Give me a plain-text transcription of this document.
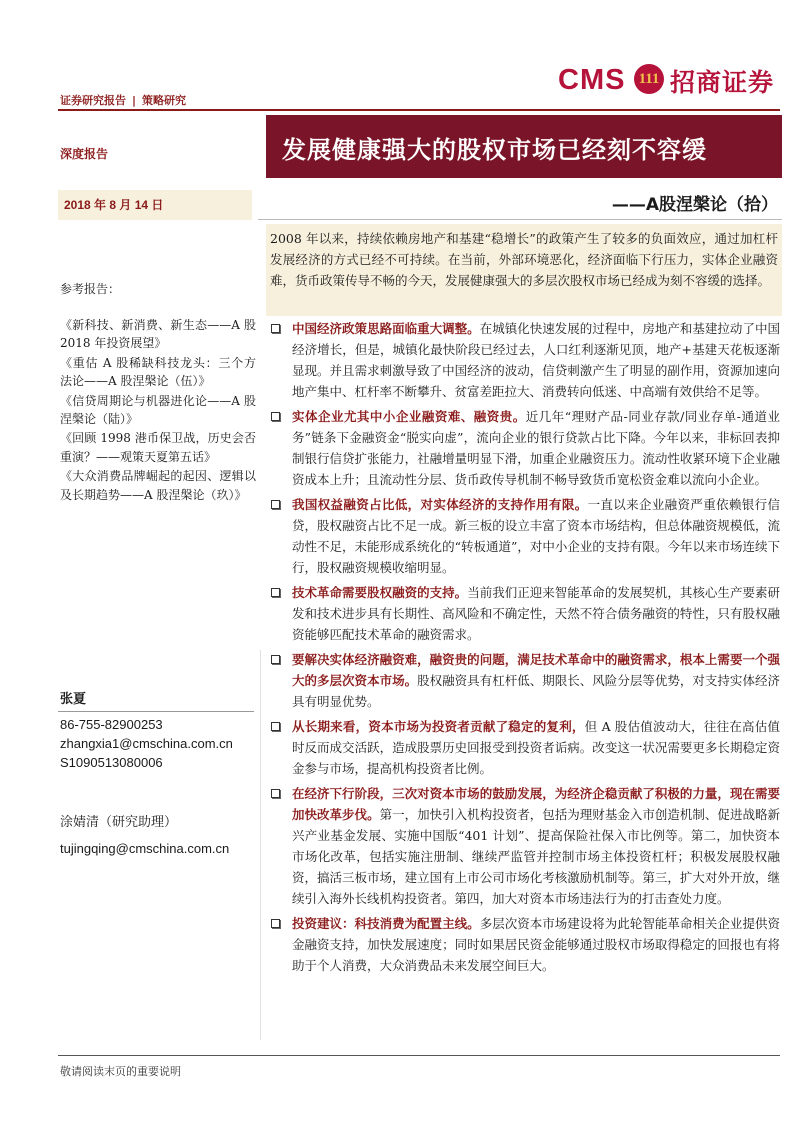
CMS 111 招商证券
证券研究报告 | 策略研究
发展健康强大的股权市场已经刻不容缓
深度报告
2018 年 8 月 14 日	——A股涅槃论（拾）
2008 年以来，持续依赖房地产和基建“稳增长”的政策产生了较多的负面效应，通过加杠杆发展经济的方式已经不可持续。在当前，外部环境恶化，经济面临下行压力，实体企业融资难，货币政策传导不畅的今天，发展健康强大的多层次股权市场已经成为刻不容缓的选择。
参考报告：
《新科技、新消费、新生态——A 股 2018 年投资展望》
《重估 A 股稀缺科技龙头：三个方法论——A 股涅槃论（伍）》
《信贷周期论与机器进化论——A 股涅槃论（陆）》
《回顾 1998 港币保卫战，历史会否重演？——观策天夏第五话》
《大众消费品牌崛起的起因、逻辑以及长期趋势——A 股涅槃论（玖）》
张夏
86-755-82900253
zhangxia1@cmschina.com.cn
S1090513080006
涂婧清（研究助理）
tujingqing@cmschina.com.cn
中国经济政策思路面临重大调整。在城镇化快速发展的过程中，房地产和基建拉动了中国经济增长，但是，城镇化最快阶段已经过去，人口红利逐渐见顶，地产+基建天花板逐渐显现。并且需求刺激导致了中国经济的波动，信贷刺激产生了明显的副作用，资源加速向地产集中、杠杆率不断攀升、贫富差距拉大、消费转向低迷、中高端有效供给不足等。
实体企业尤其中小企业融资难、融资贵。近几年“理财产品-同业存款/同业存单-通道业务”链条下金融资金“脱实向虚”，流向企业的银行贷款占比下降。今年以来，非标回表抑制银行信贷扩张能力，社融增量明显下滑，加重企业融资压力。流动性收紧环境下企业融资成本上升；且流动性分层、货币政传导机制不畅导致货币宽松资金难以流向小企业。
我国权益融资占比低，对实体经济的支持作用有限。一直以来企业融资严重依赖银行信贷，股权融资占比不足一成。新三板的设立丰富了资本市场结构，但总体融资规模低，流动性不足，未能形成系统化的“转板通道”，对中小企业的支持有限。今年以来市场连续下行，股权融资规模收缩明显。
技术革命需要股权融资的支持。当前我们正迎来智能革命的发展契机，其核心生产要素研发和技术进步具有长期性、高风险和不确定性，天然不符合债务融资的特性，只有股权融资能够匹配技术革命的融资需求。
要解决实体经济融资难，融资贵的问题，满足技术革命中的融资需求，根本上需要一个强大的多层次资本市场。股权融资具有杠杆低、期限长、风险分层等优势，对支持实体经济具有明显优势。
从长期来看，资本市场为投资者贡献了稳定的复利，但 A 股估值波动大，往往在高估值时反而成交活跃，造成股票历史回报受到投资者诟病。改变这一状况需要更多长期稳定资金参与市场，提高机构投资者比例。
在经济下行阶段，三次对资本市场的鼓励发展，为经济企稳贡献了积极的力量，现在需要加快改革步伐。第一，加快引入机构投资者，包括为理财基金入市创造机制、促进战略新兴产业基金发展、实施中国版“401 计划”、提高保险社保入市比例等。第二，加快资本市场化改革，包括实施注册制、继续严监管并控制市场主体投资杠杆；积极发展股权融资，搞活三板市场，建立国有上市公司市场化考核激励机制等。第三，扩大对外开放，继续引入海外长线机构投资者。第四，加大对资本市场违法行为的打击查处力度。
投资建议：科技消费为配置主线。多层次资本市场建设将为此轮智能革命相关企业提供资金融资支持，加快发展速度；同时如果居民资金能够通过股权市场取得稳定的回报也有将助于个人消费，大众消费品未来发展空间巨大。
敬请阅读末页的重要说明
